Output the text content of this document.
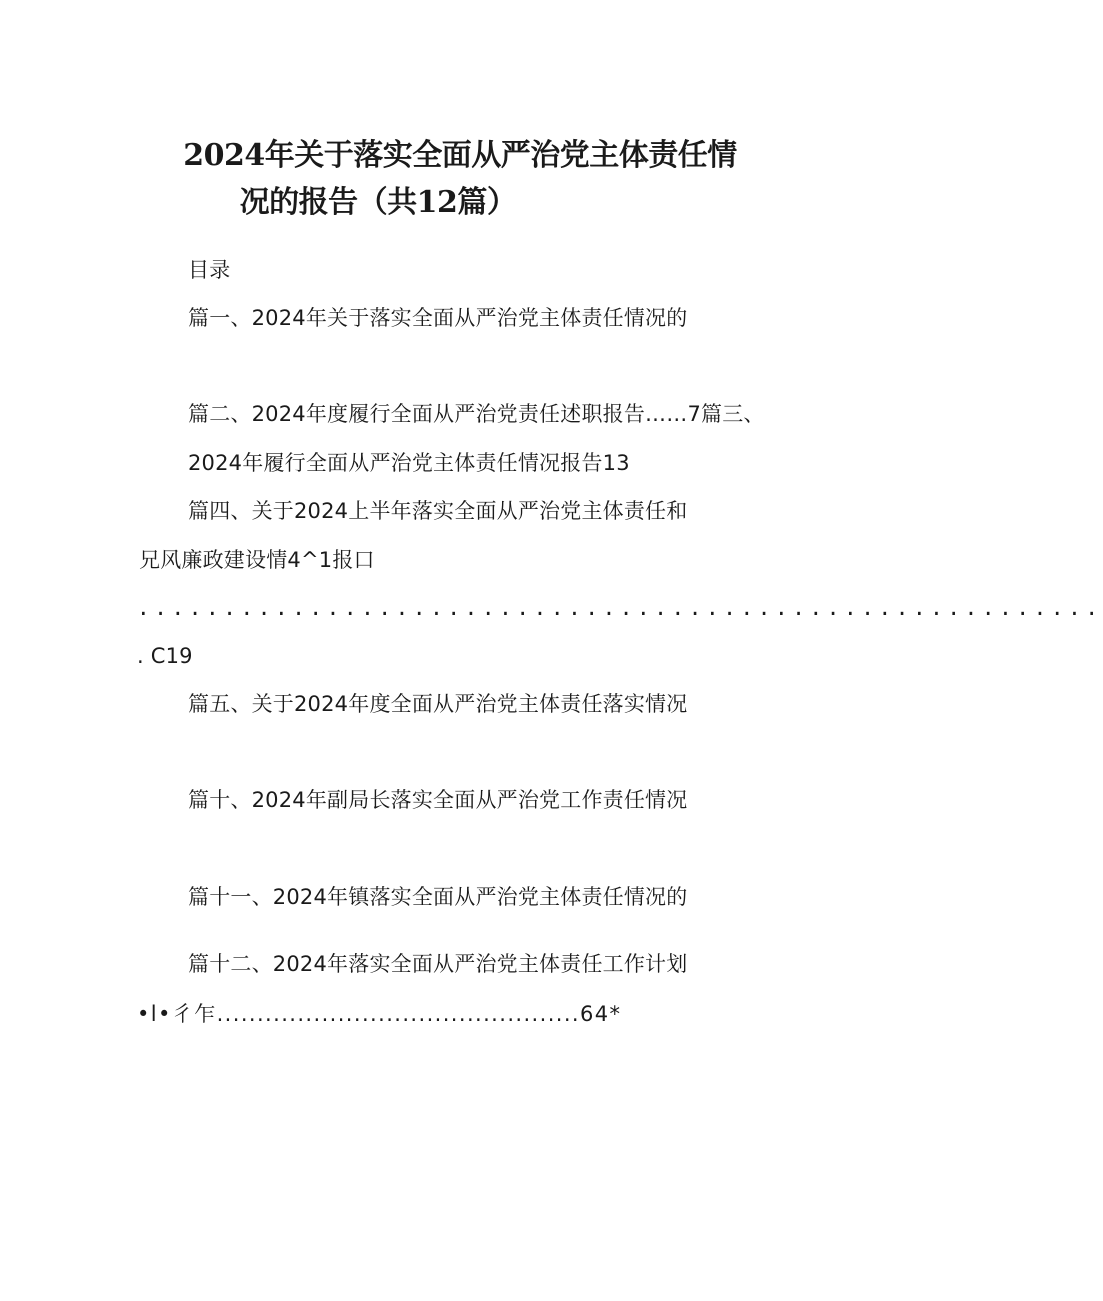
2024年关于落实全面从严治党主体责任情
况的报告（共12篇）
目录
篇一、2024年关于落实全面从严治党主体责任情况的
篇二、2024年度履行全面从严治党责任述职报告……7篇三、
2024年履行全面从严治党主体责任情况报告13
篇四、关于2024上半年落实全面从严治党主体责任和
兄风廉政建设情4^1报口
........................................................
. C19
篇五、关于2024年度全面从严治党主体责任落实情况
篇十、2024年副局长落实全面从严治党工作责任情况
篇十一、2024年镇落实全面从严治党主体责任情况的
篇十二、2024年落实全面从严治党主体责任工作计划
•l•彳乍.............................................64*
